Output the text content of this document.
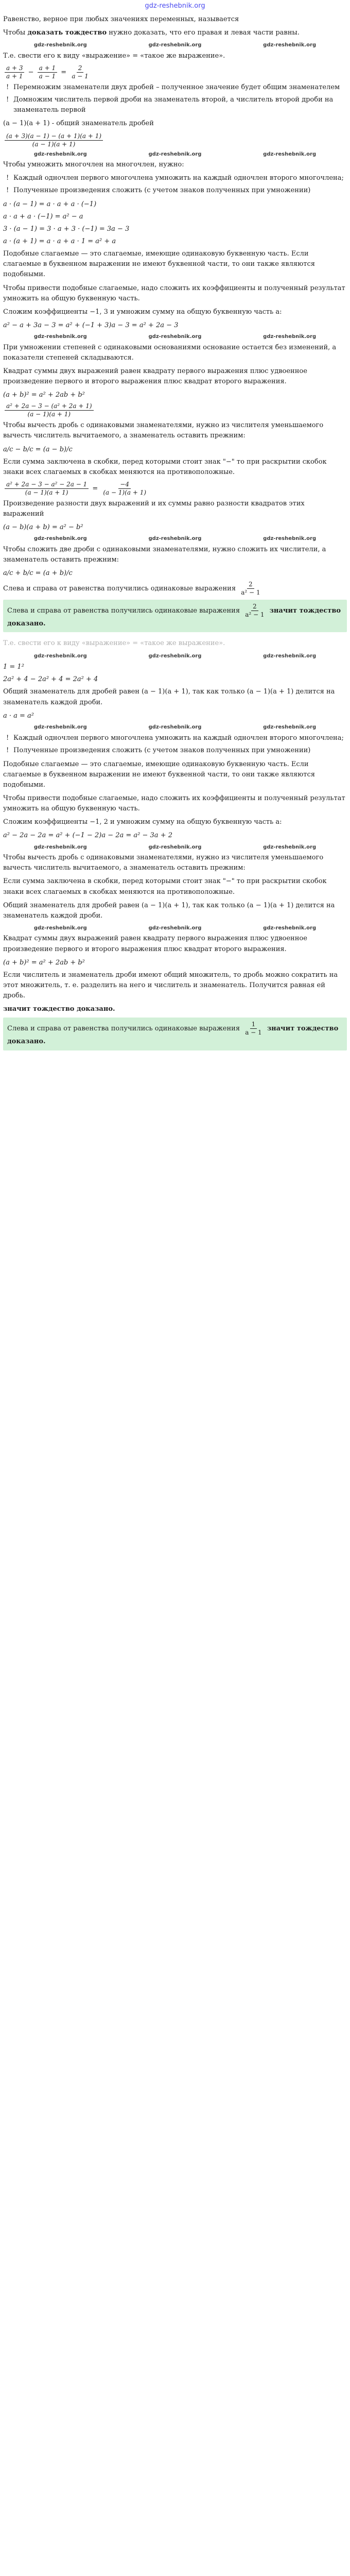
gdz-reshebnik.org
Равенство, верное при любых значениях переменных, называется
Чтобы доказать тождество нужно доказать, что его правая и левая части равны.
gdz-reshebnik.org	gdz-reshebnik.org	gdz-reshebnik.org
Т.е. свести его к виду «выражение» = «такое же выражение».
$\frac{a + 3}{a + 1} - \frac{a + 1}{a - 1} = \frac{2}{a - 1}$
! Перемножим знаменатели двух дробей – полученное значение будет общим знаменателем
! Домножим числитель первой дроби на знаменатель второй, а числитель второй дроби на знаменатель первой
(a − 1)(a + 1) - общий знаменатель дробей
$\frac{(a + 3)(a - 1) - (a + 1)(a + 1)}{(a - 1)(a + 1)}$
gdz-reshebnik.org	gdz-reshebnik.org	gdz-reshebnik.org
Чтобы умножить многочлен на многочлен, нужно:
! Каждый одночлен первого многочлена умножить на каждый одночлен второго многочлена;
! Полученные произведения сложить (с учетом знаков полученных при умножении)
a · (a − 1) = a · a + a · (−1)
a · a + a · (−1) = a² − a
3 · (a − 1) = 3 · a + 3 · (−1) = 3a − 3
a · (a + 1) = a · a + a · 1 = a² + a
Подобные слагаемые — это слагаемые, имеющие одинаковую буквенную часть. Если слагаемые в буквенном выражении не имеют буквенной части, то они также являются подобными.
Чтобы привести подобные слагаемые, надо сложить их коэффициенты и полученный результат умножить на общую буквенную часть.
Сложим коэффициенты −1, 3 и умножим сумму на общую буквенную часть a:
a² − a + 3a − 3 = a² + (−1 + 3)a − 3 = a² + 2a − 3
gdz-reshebnik.org	gdz-reshebnik.org	gdz-reshebnik.org
При умножении степеней с одинаковыми основаниями основание остается без изменений, а показатели степеней складываются.
Квадрат суммы двух выражений равен квадрату первого выражения плюс удвоенное произведение первого и второго выражения плюс квадрат второго выражения.
(a + b)² = a² + 2ab + b²
$\frac{\text{a² + 2a − 3 − (a² + 2a + 1)}}{(a - 1)(a + 1)}$
Чтобы вычесть дробь с одинаковыми знаменателями, нужно из числителя уменьшаемого вычесть числитель вычитаемого, а знаменатель оставить прежним:
a/c − b/c = (a − b)/c
Если сумма заключена в скобки, перед которыми стоит знак "−" то при раскрытии скобок знаки всех слагаемых в скобках меняются на противоположные.
$\frac{\text{a² + 2a − 3 − a² − 2a − 1}}{(a - 1)(a + 1)} = \frac{-4}{(a - 1)(a + 1)}$
Произведение разности двух выражений и их суммы равно разности квадратов этих выражений
(a − b)(a + b) = a² − b²
gdz-reshebnik.org	gdz-reshebnik.org	gdz-reshebnik.org
Чтобы сложить две дроби с одинаковыми знаменателями, нужно сложить их числители, а знаменатель оставить прежним:
a/c + b/c = (a + b)/c
Слева и справа от равенства получились одинаковые выражения $\frac{2}{\text{a² − 1}}$
Слева и справа от равенства получились одинаковые выражения $\frac{2}{\text{a² − 1}}$ значит тождество доказано.
Т.е. свести его к виду «выражение» = «такое же выражение».
gdz-reshebnik.org	gdz-reshebnik.org	gdz-reshebnik.org
1 = 1²
2a² + 4 − 2a² + 4 = 2a² + 4
Общий знаменатель для дробей равен (a − 1)(a + 1), так как только (a − 1)(a + 1) делится на знаменатель каждой дроби.
a · a = a²
gdz-reshebnik.org	gdz-reshebnik.org	gdz-reshebnik.org
! Каждый одночлен первого многочлена умножить на каждый одночлен второго многочлена;
! Полученные произведения сложить (с учетом знаков полученных при умножении)
Подобные слагаемые — это слагаемые, имеющие одинаковую буквенную часть. Если слагаемые в буквенном выражении не имеют буквенной части, то они также являются подобными.
Чтобы привести подобные слагаемые, надо сложить их коэффициенты и полученный результат умножить на общую буквенную часть.
Сложим коэффициенты −1, 2 и умножим сумму на общую буквенную часть a:
a² − 2a − 2a = a² + (−1 − 2)a − 2a = a² − 3a + 2
gdz-reshebnik.org	gdz-reshebnik.org	gdz-reshebnik.org
Чтобы вычесть дробь с одинаковыми знаменателями, нужно из числителя уменьшаемого вычесть числитель вычитаемого, а знаменатель оставить прежним:
Если сумма заключена в скобки, перед которыми стоит знак "−" то при раскрытии скобок знаки всех слагаемых в скобках меняются на противоположные.
Общий знаменатель для дробей равен (a − 1)(a + 1), так как только (a − 1)(a + 1) делится на знаменатель каждой дроби.
gdz-reshebnik.org	gdz-reshebnik.org	gdz-reshebnik.org
Квадрат суммы двух выражений равен квадрату первого выражения плюс удвоенное произведение первого и второго выражения плюс квадрат второго выражения.
(a + b)² = a² + 2ab + b²
Если числитель и знаменатель дроби имеют общий множитель, то дробь можно сократить на этот множитель, т. е. разделить на него и числитель и знаменатель. Получится равная ей дробь.
значит тождество доказано.
Слева и справа от равенства получились одинаковые выражения $\frac{1}{a - 1}$ значит тождество доказано.
